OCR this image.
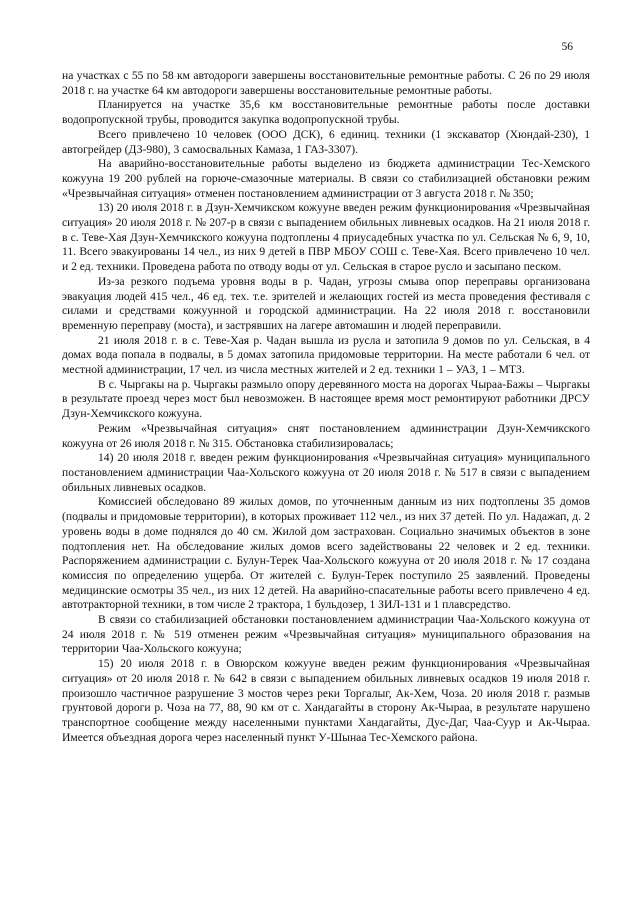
56

на участках с 55 по 58 км автодороги завершены восстановительные ремонтные работы. С 26 по 29 июля 2018 г. на участке 64 км автодороги завершены восстановительные ремонтные работы.

Планируется на участке 35,6 км восстановительные ремонтные работы после доставки водопропускной трубы, проводится закупка водопропускной трубы.

Всего привлечено 10 человек (ООО ДСК), 6 единиц. техники (1 экскаватор (Хюндай-230), 1 автогрейдер (ДЗ-980), 3 самосвальных Камаза, 1 ГАЗ-3307).

На аварийно-восстановительные работы выделено из бюджета администрации Тес-Хемского кожууна 19 200 рублей на горюче-смазочные материалы. В связи со стабилизацией обстановки режим «Чрезвычайная ситуация» отменен постановлением администрации от 3 августа 2018 г. № 350;

13) 20 июля 2018 г. в Дзун-Хемчикском кожууне введен режим функционирования «Чрезвычайная ситуация» 20 июля 2018 г. № 207-р в связи с выпадением обильных ливневых осадков. На 21 июля 2018 г. в с. Теве-Хая Дзун-Хемчикского кожууна подтоплены 4 приусадебных участка по ул. Сельская № 6, 9, 10, 11. Всего эвакуированы 14 чел., из них 9 детей в ПВР МБОУ СОШ с. Теве-Хая. Всего привлечено 10 чел. и 2 ед. техники. Проведена работа по отводу воды от ул. Сельская в старое русло и засыпано песком.

Из-за резкого подъема уровня воды в р. Чадан, угрозы смыва опор переправы организована эвакуация людей 415 чел., 46 ед. тех. т.е. зрителей и желающих гостей из места проведения фестиваля с силами и средствами кожуунной и городской администрации. На 22 июля 2018 г. восстановили временную переправу (моста), и застрявших на лагере автомашин и людей переправили.

21 июля 2018 г. в с. Теве-Хая р. Чадан вышла из русла и затопила 9 домов по ул. Сельская, в 4 домах вода попала в подвалы, в 5 домах затопила придомовые территории. На месте работали 6 чел. от местной администрации, 17 чел. из числа местных жителей и 2 ед. техники 1 – УАЗ, 1 – МТЗ.

В с. Чыргакы на р. Чыргакы размыло опору деревянного моста на дорогах Чыраа-Бажы – Чыргакы в результате проезд через мост был невозможен. В настоящее время мост ремонтируют работники ДРСУ Дзун-Хемчикского кожууна.

Режим «Чрезвычайная ситуация» снят постановлением администрации Дзун-Хемчикского кожууна от 26 июля 2018 г. № 315. Обстановка стабилизировалась;

14) 20 июля 2018 г. введен режим функционирования «Чрезвычайная ситуация» муниципального постановлением администрации Чаа-Хольского кожууна от 20 июля 2018 г. № 517 в связи с выпадением обильных ливневых осадков.

Комиссией обследовано 89 жилых домов, по уточненным данным из них подтоплены 35 домов (подвалы и придомовые территории), в которых проживает 112 чел., из них 37 детей. По ул. Надажап, д. 2 уровень воды в доме поднялся до 40 см. Жилой дом застрахован. Социально значимых объектов в зоне подтопления нет. На обследование жилых домов всего задействованы 22 человек и 2 ед. техники. Распоряжением администрации с. Булун-Терек Чаа-Хольского кожууна от 20 июля 2018 г. № 17 создана комиссия по определению ущерба. От жителей с. Булун-Терек поступило 25 заявлений. Проведены медицинские осмотры 35 чел., из них 12 детей. На аварийно-спасательные работы всего привлечено 4 ед. автотракторной техники, в том числе 2 трактора, 1 бульдозер, 1 ЗИЛ-131 и 1 плавсредство.

В связи со стабилизацией обстановки постановлением администрации Чаа-Хольского кожууна от 24 июля 2018 г. № 519 отменен режим «Чрезвычайная ситуация» муниципального образования на территории Чаа-Хольского кожууна;

15) 20 июля 2018 г. в Овюрском кожууне введен режим функционирования «Чрезвычайная ситуация» от 20 июля 2018 г. № 642 в связи с выпадением обильных ливневых осадков 19 июля 2018 г. произошло частичное разрушение 3 мостов через реки Торгалыг, Ак-Хем, Чоза. 20 июля 2018 г. размыв грунтовой дороги р. Чоза на 77, 88, 90 км от с. Хандагайты в сторону Ак-Чыраа, в результате нарушено транспортное сообщение между населенными пунктами Хандагайты, Дус-Даг, Чаа-Суур и Ак-Чыраа. Имеется объездная дорога через населенный пункт У-Шынаа Тес-Хемского района.
